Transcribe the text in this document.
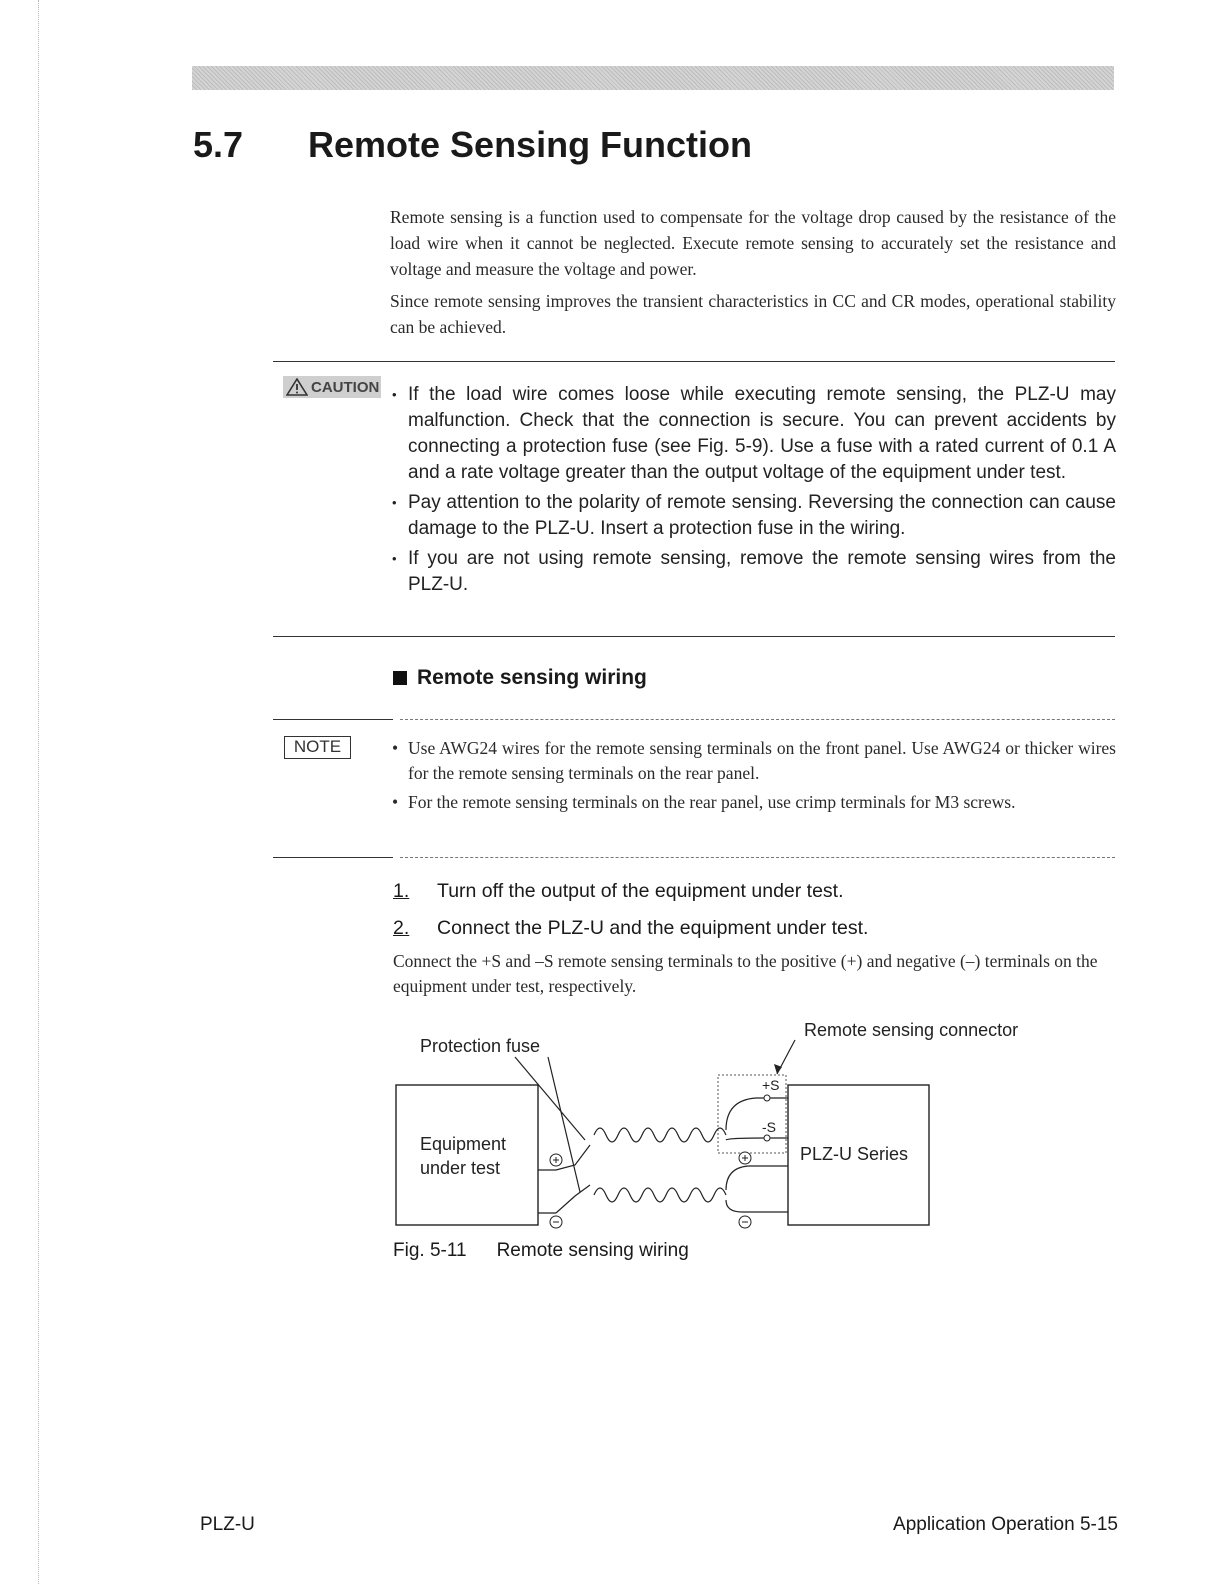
5.7 Remote Sensing Function

Remote sensing is a function used to compensate for the voltage drop caused by the resistance of the load wire when it cannot be neglected. Execute remote sensing to accurately set the resistance and voltage and measure the voltage and power.

Since remote sensing improves the transient characteristics in CC and CR modes, operational stability can be achieved.

CAUTION	• If the load wire comes loose while executing remote sensing, the PLZ-U may malfunction. Check that the connection is secure. You can prevent accidents by connecting a protection fuse (see Fig. 5-9). Use a fuse with a rated current of 0.1 A and a rate voltage greater than the output voltage of the equipment under test.
• Pay attention to the polarity of remote sensing. Reversing the connection can cause damage to the PLZ-U. Insert a protection fuse in the wiring.
• If you are not using remote sensing, remove the remote sensing wires from the PLZ-U.
Remote sensing wiring
NOTE	• Use AWG24 wires for the remote sensing terminals on the front panel. Use AWG24 or thicker wires for the remote sensing terminals on the rear panel.
• For the remote sensing terminals on the rear panel, use crimp terminals for M3 screws.
1.	Turn off the output of the equipment under test.
2.	Connect the PLZ-U and the equipment under test.

Connect the +S and –S remote sensing terminals to the positive (+) and negative (–) terminals on the equipment under test, respectively.

Protection fuse
Remote sensing connector
Equipment
under test
PLZ-U Series
+S
-S
Fig. 5-11 Remote sensing wiring
PLZ-U	Application Operation 5-15
